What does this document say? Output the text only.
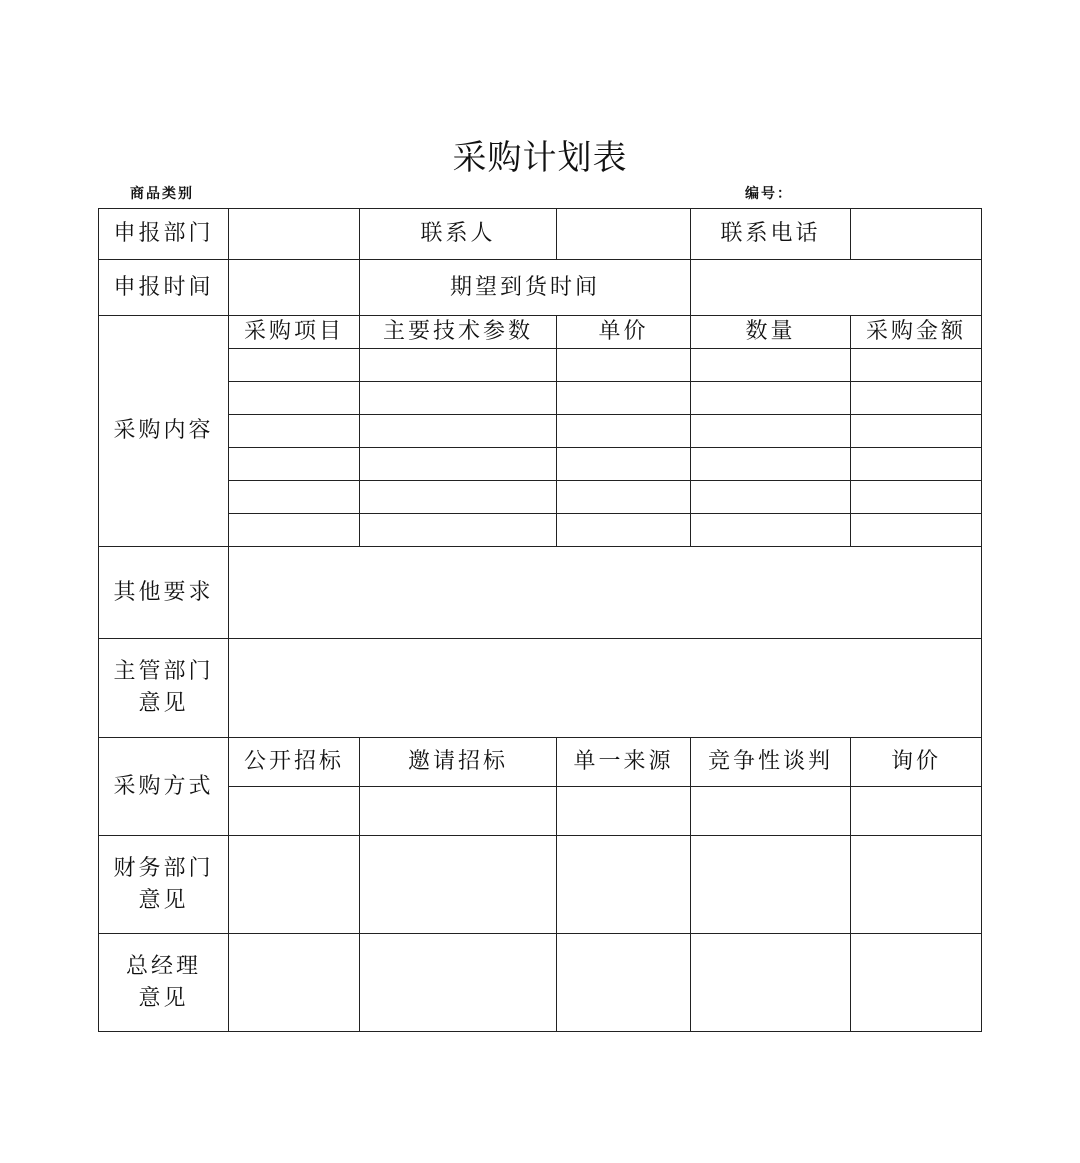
采购计划表
商品类别	编号：
申报部门		联系人		联系电话	
申报时间		期望到货时间			
采购内容	采购项目	主要技术参数	单价	数量	采购金额

其他要求					

主管部门
意见					

采购方式	公开招标	邀请招标	单一来源	竞争性谈判	询价

财务部门
意见					

总经理
意见					
